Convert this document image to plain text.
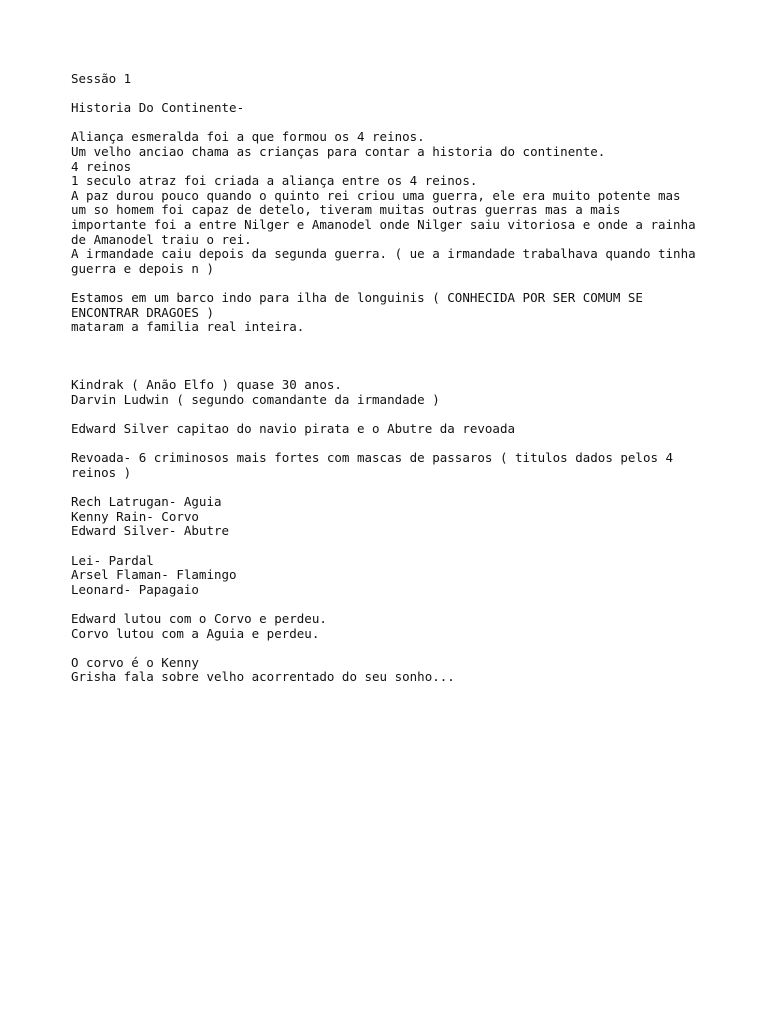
Sessão 1
Historia Do Continente-
Aliança esmeralda foi a que formou os 4 reinos.
Um velho anciao chama as crianças para contar a historia do continente.
4 reinos
1 seculo atraz foi criada a aliança entre os 4 reinos.
A paz durou pouco quando o quinto rei criou uma guerra, ele era muito potente mas
um so homem foi capaz de detelo, tiveram muitas outras guerras mas a mais
importante foi a entre Nilger e Amanodel onde Nilger saiu vitoriosa e onde a rainha
de Amanodel traiu o rei.
A irmandade caiu depois da segunda guerra. ( ue a irmandade trabalhava quando tinha
guerra e depois n )
Estamos em um barco indo para ilha de longuinis ( CONHECIDA POR SER COMUM SE
ENCONTRAR DRAGOES )
mataram a familia real inteira.
Kindrak ( Anão Elfo ) quase 30 anos.
Darvin Ludwin ( segundo comandante da irmandade )
Edward Silver capitao do navio pirata e o Abutre da revoada
Revoada- 6 criminosos mais fortes com mascas de passaros ( titulos dados pelos 4
reinos )
Rech Latrugan- Aguia
Kenny Rain- Corvo
Edward Silver- Abutre
Lei- Pardal
Arsel Flaman- Flamingo
Leonard- Papagaio
Edward lutou com o Corvo e perdeu.
Corvo lutou com a Aguia e perdeu.
O corvo é o Kenny
Grisha fala sobre velho acorrentado do seu sonho...
